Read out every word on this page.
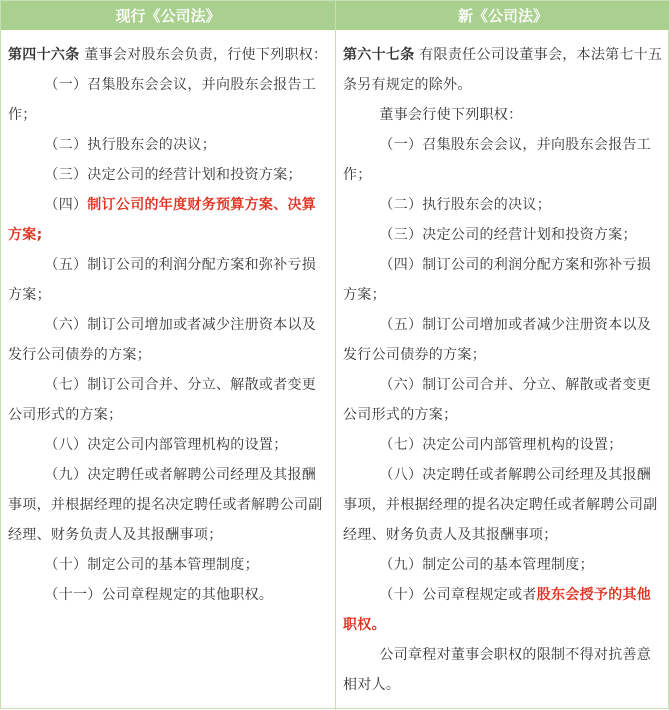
现行《公司法》	新《公司法》

第四十六条 董事会对股东会负责，行使下列职权：

（一）召集股东会会议，并向股东会报告工作；

（二）执行股东会的决议；

（三）决定公司的经营计划和投资方案；

（四）制订公司的年度财务预算方案、决算方案;

（五）制订公司的利润分配方案和弥补亏损方案；

（六）制订公司增加或者减少注册资本以及发行公司债券的方案；

（七）制订公司合并、分立、解散或者变更公司形式的方案；

（八）决定公司内部管理机构的设置；

（九）决定聘任或者解聘公司经理及其报酬事项，并根据经理的提名决定聘任或者解聘公司副经理、财务负责人及其报酬事项；

（十）制定公司的基本管理制度；

（十一）公司章程规定的其他职权。

第六十七条 有限责任公司设董事会，本法第七十五条另有规定的除外。

董事会行使下列职权：

（一）召集股东会会议，并向股东会报告工作；

（二）执行股东会的决议；

（三）决定公司的经营计划和投资方案；

（四）制订公司的利润分配方案和弥补亏损方案；

（五）制订公司增加或者减少注册资本以及发行公司债券的方案；

（六）制订公司合并、分立、解散或者变更公司形式的方案；

（七）决定公司内部管理机构的设置；

（八）决定聘任或者解聘公司经理及其报酬事项，并根据经理的提名决定聘任或者解聘公司副经理、财务负责人及其报酬事项；

（九）制定公司的基本管理制度；

（十）公司章程规定或者股东会授予的其他职权。

公司章程对董事会职权的限制不得对抗善意相对人。
